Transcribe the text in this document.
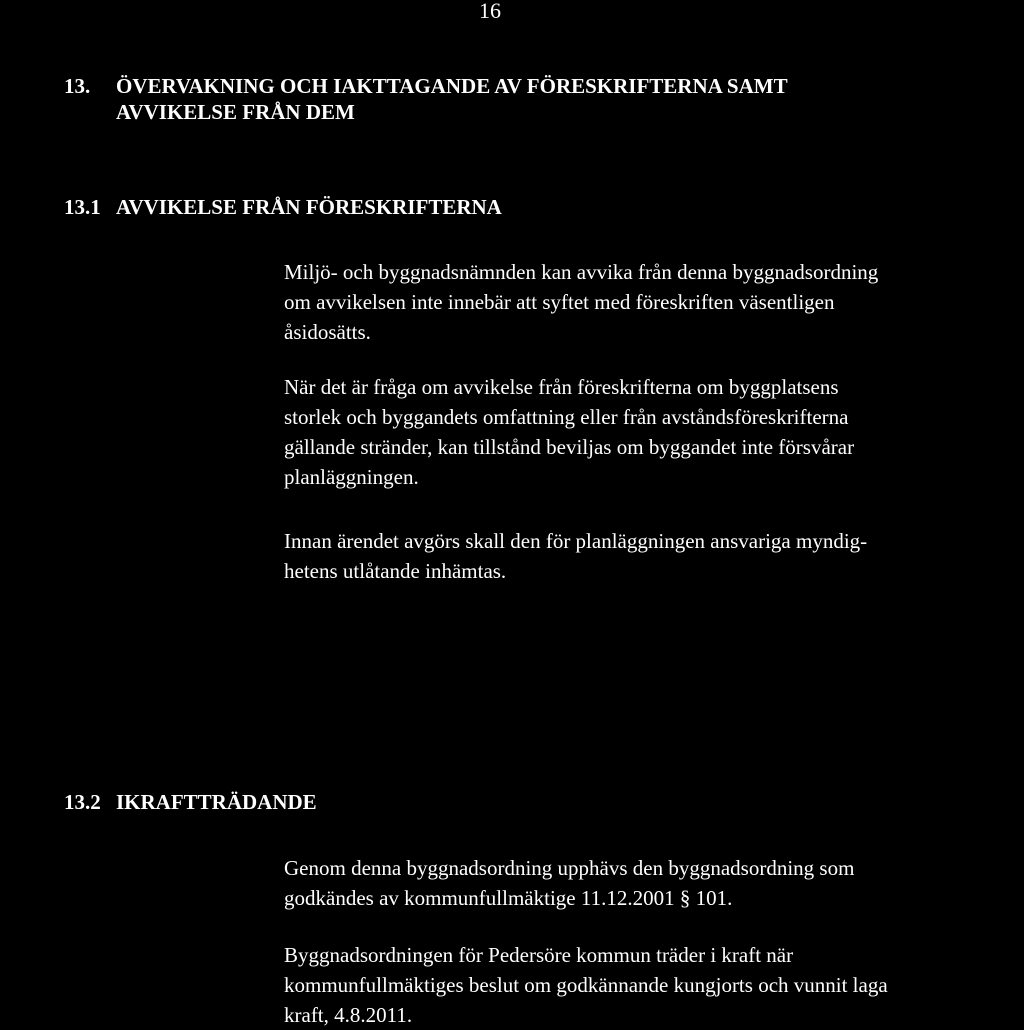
16
13. ÖVERVAKNING OCH IAKTTAGANDE AV FÖRESKRIFTERNA SAMT
AVVIKELSE FRÅN DEM
13.1 AVVIKELSE FRÅN FÖRESKRIFTERNA
Miljö- och byggnadsnämnden kan avvika från denna byggnadsordning
om avvikelsen inte innebär att syftet med föreskriften väsentligen
åsidosätts.
När det är fråga om avvikelse från föreskrifterna om byggplatsens
storlek och byggandets omfattning eller från avståndsföreskrifterna
gällande stränder, kan tillstånd beviljas om byggandet inte försvårar
planläggningen.
Innan ärendet avgörs skall den för planläggningen ansvariga myndig-
hetens utlåtande inhämtas.
13.2 IKRAFTTRÄDANDE
Genom denna byggnadsordning upphävs den byggnadsordning som
godkändes av kommunfullmäktige 11.12.2001 § 101.
Byggnadsordningen för Pedersöre kommun träder i kraft när
kommunfullmäktiges beslut om godkännande kungjorts och vunnit laga
kraft, 4.8.2011.
